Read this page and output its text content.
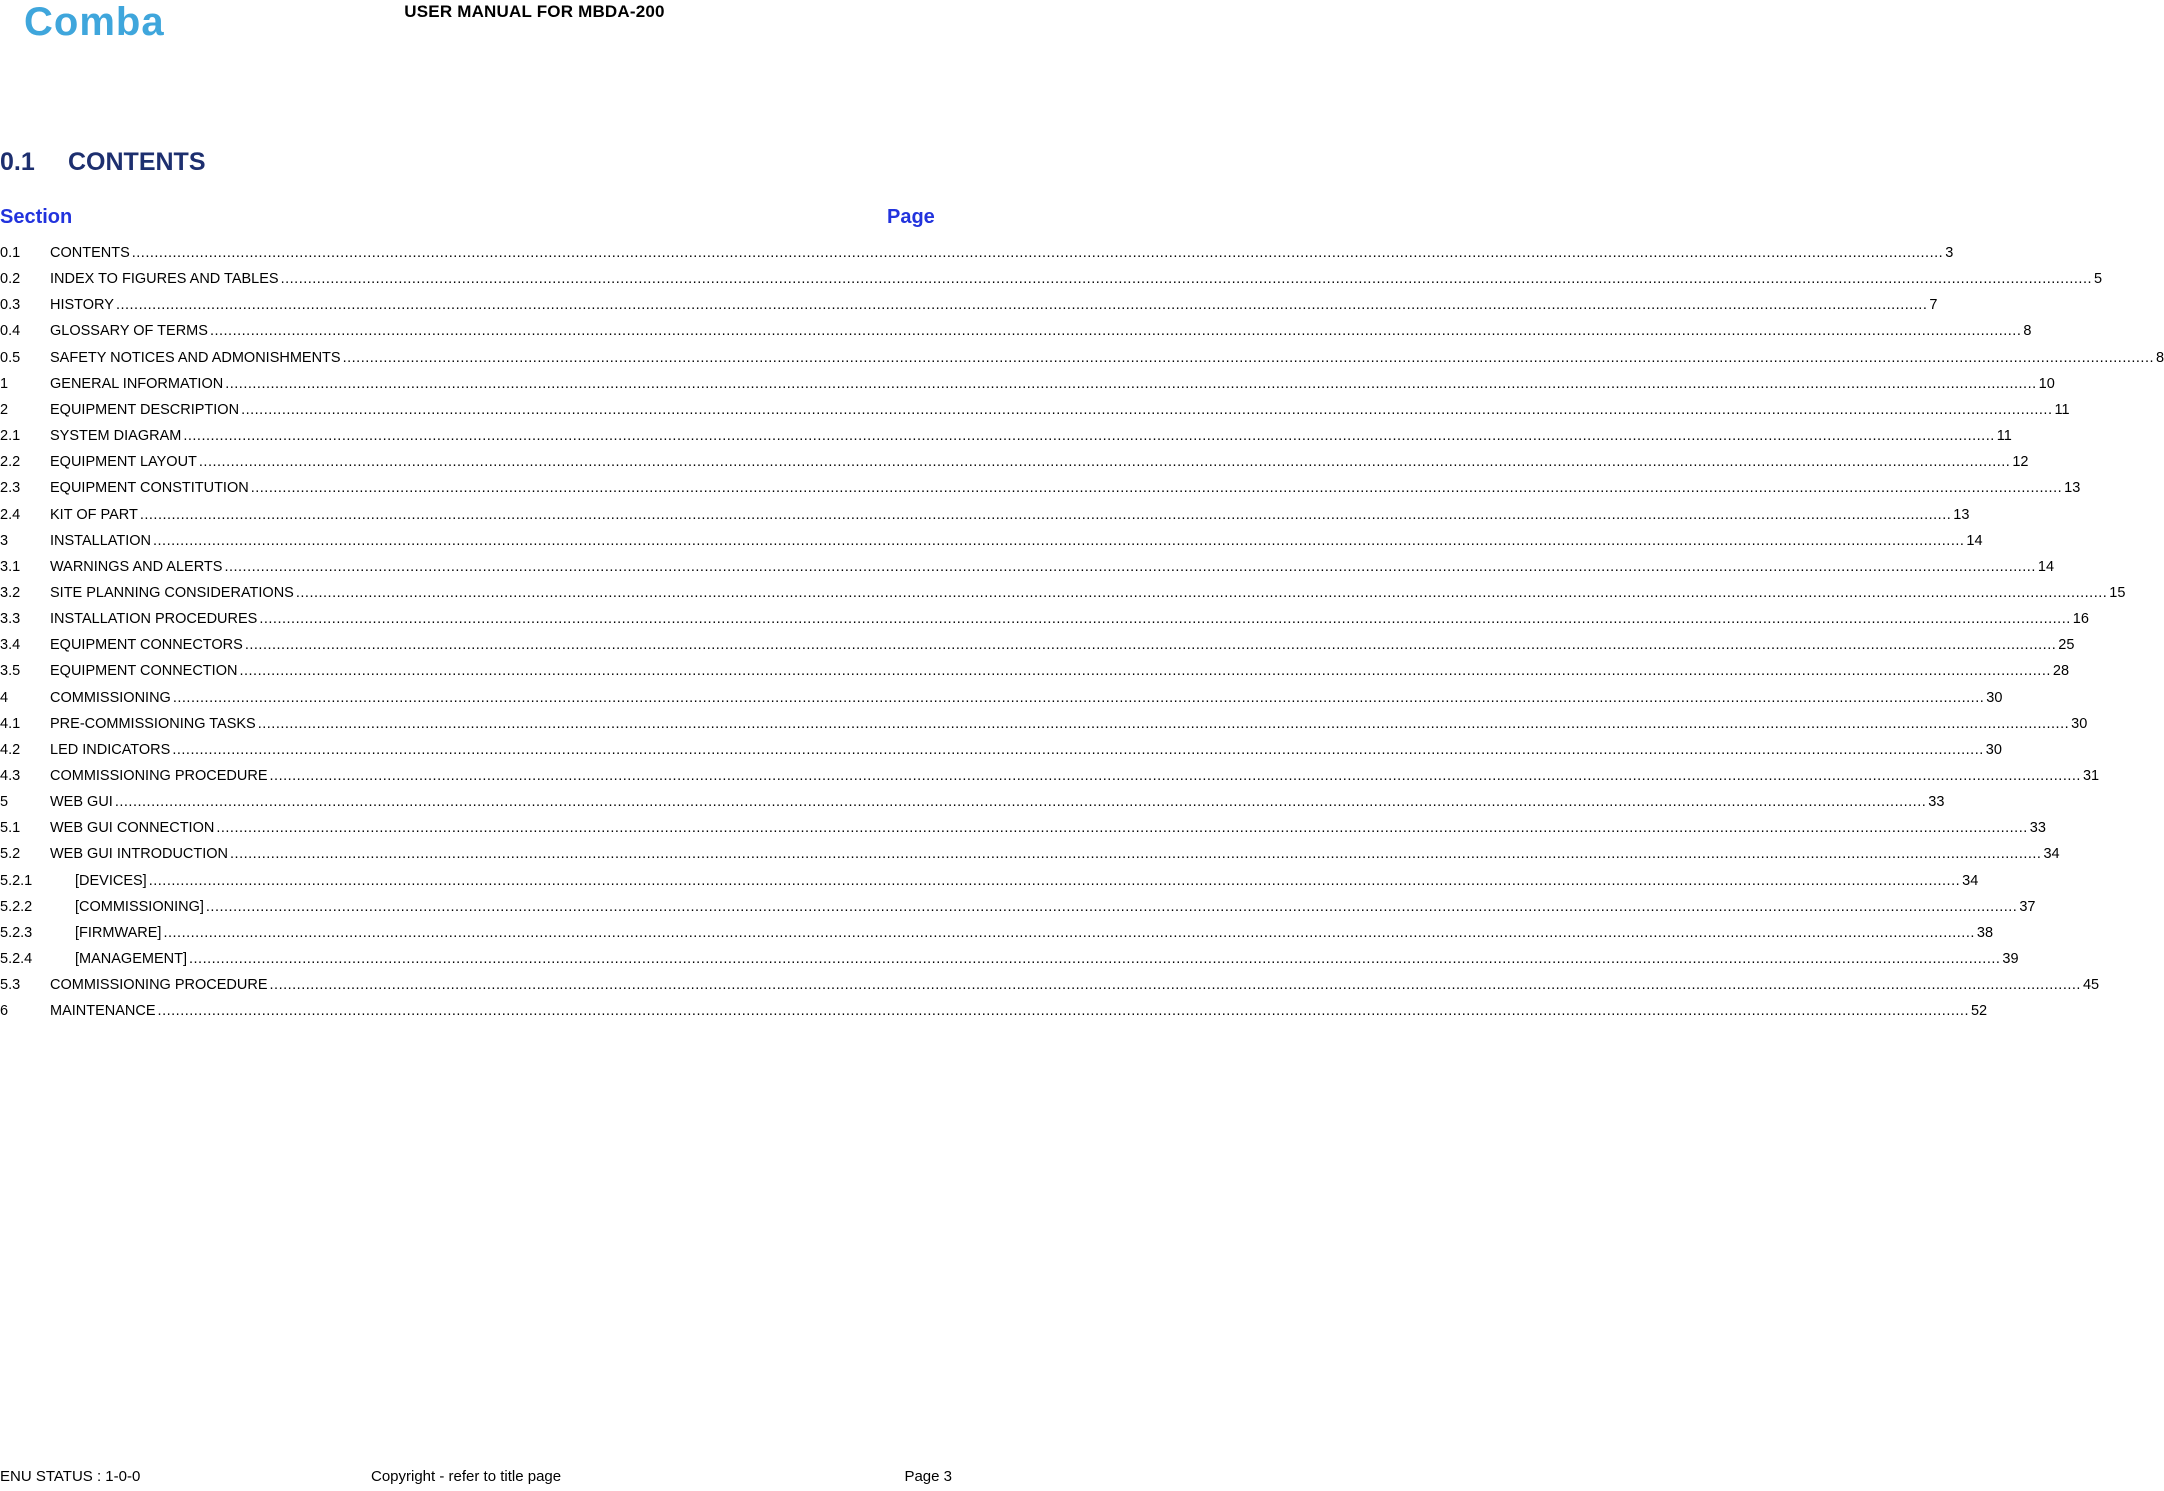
Comba	USER MANUAL FOR MBDA-200
0.1 CONTENTS
Section	Page
0.1	CONTENTS ................................................................................................................................................................................................................................................................................................................................................................................................................ 3
0.2	INDEX TO FIGURES AND TABLES ................................................................................................................................................................................................................................................................................................................................................................................................................ 5
0.3	HISTORY ................................................................................................................................................................................................................................................................................................................................................................................................................ 7
0.4	GLOSSARY OF TERMS ................................................................................................................................................................................................................................................................................................................................................................................................................ 8
0.5	SAFETY NOTICES AND ADMONISHMENTS ................................................................................................................................................................................................................................................................................................................................................................................................................ 8
1	GENERAL INFORMATION ................................................................................................................................................................................................................................................................................................................................................................................................................ 10
2	EQUIPMENT DESCRIPTION ................................................................................................................................................................................................................................................................................................................................................................................................................ 11
2.1	SYSTEM DIAGRAM ................................................................................................................................................................................................................................................................................................................................................................................................................ 11
2.2	EQUIPMENT LAYOUT ................................................................................................................................................................................................................................................................................................................................................................................................................ 12
2.3	EQUIPMENT CONSTITUTION ................................................................................................................................................................................................................................................................................................................................................................................................................ 13
2.4	KIT OF PART ................................................................................................................................................................................................................................................................................................................................................................................................................ 13
3	INSTALLATION ................................................................................................................................................................................................................................................................................................................................................................................................................ 14
3.1	WARNINGS AND ALERTS ................................................................................................................................................................................................................................................................................................................................................................................................................ 14
3.2	SITE PLANNING CONSIDERATIONS ................................................................................................................................................................................................................................................................................................................................................................................................................ 15
3.3	INSTALLATION PROCEDURES ................................................................................................................................................................................................................................................................................................................................................................................................................ 16
3.4	EQUIPMENT CONNECTORS ................................................................................................................................................................................................................................................................................................................................................................................................................ 25
3.5	EQUIPMENT CONNECTION ................................................................................................................................................................................................................................................................................................................................................................................................................ 28
4	COMMISSIONING ................................................................................................................................................................................................................................................................................................................................................................................................................ 30
4.1	PRE-COMMISSIONING TASKS ................................................................................................................................................................................................................................................................................................................................................................................................................ 30
4.2	LED INDICATORS ................................................................................................................................................................................................................................................................................................................................................................................................................ 30
4.3	COMMISSIONING PROCEDURE ................................................................................................................................................................................................................................................................................................................................................................................................................ 31
5	WEB GUI ................................................................................................................................................................................................................................................................................................................................................................................................................ 33
5.1	WEB GUI CONNECTION ................................................................................................................................................................................................................................................................................................................................................................................................................ 33
5.2	WEB GUI INTRODUCTION ................................................................................................................................................................................................................................................................................................................................................................................................................ 34
5.2.1	[DEVICES] ................................................................................................................................................................................................................................................................................................................................................................................................................ 34
5.2.2	[COMMISSIONING] ................................................................................................................................................................................................................................................................................................................................................................................................................ 37
5.2.3	[FIRMWARE] ................................................................................................................................................................................................................................................................................................................................................................................................................ 38
5.2.4	[MANAGEMENT] ................................................................................................................................................................................................................................................................................................................................................................................................................ 39
5.3	COMMISSIONING PROCEDURE ................................................................................................................................................................................................................................................................................................................................................................................................................ 45
6	MAINTENANCE ................................................................................................................................................................................................................................................................................................................................................................................................................ 52
ENU STATUS : 1-0-0	Copyright - refer to title page	Page 3
